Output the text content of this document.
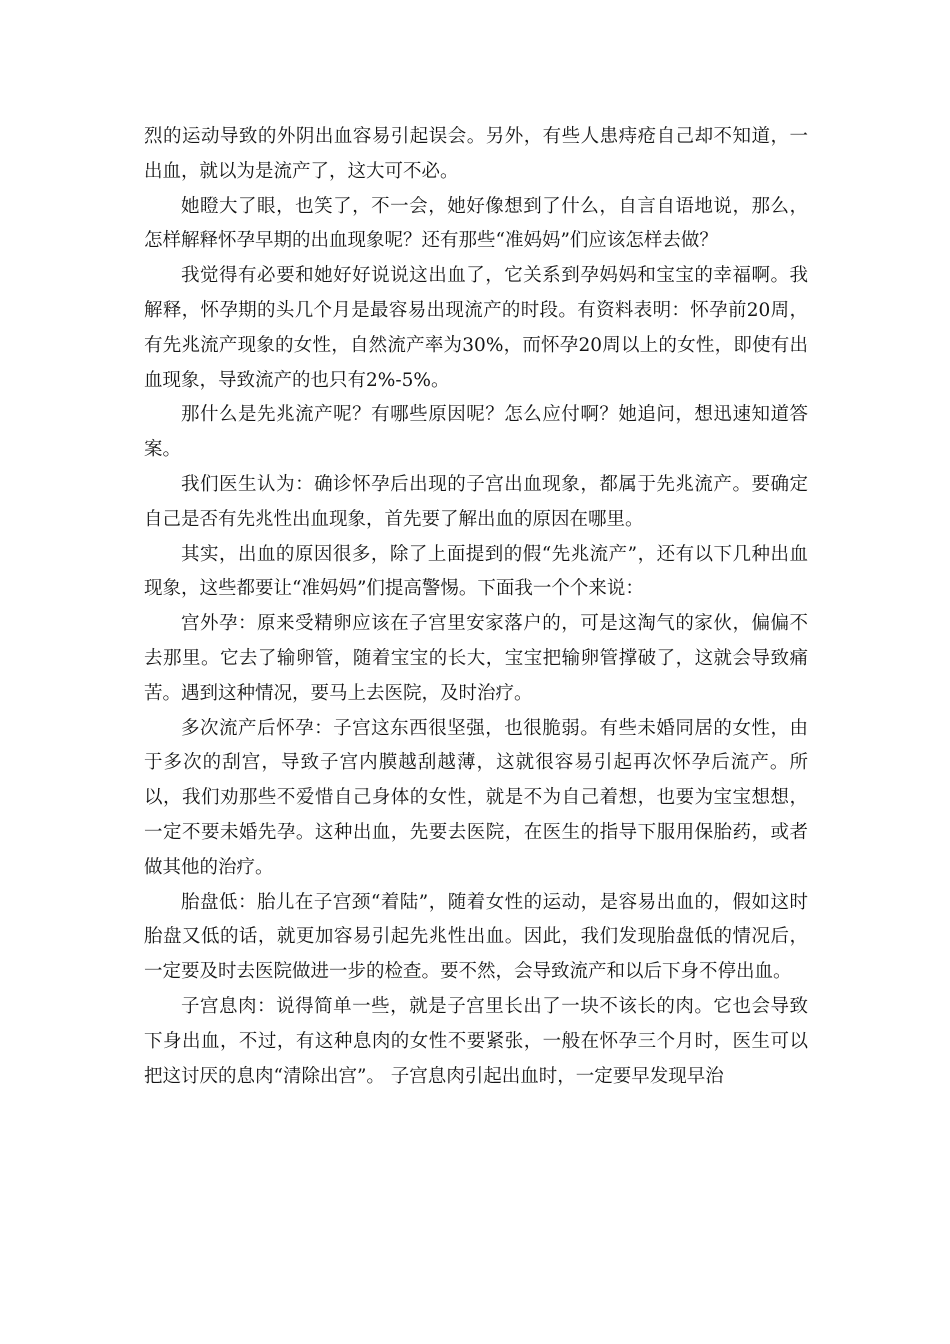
烈的运动导致的外阴出血容易引起误会。另外，有些人患痔疮自己却不知道，一出血，就以为是流产了，这大可不必。

她瞪大了眼，也笑了，不一会，她好像想到了什么，自言自语地说，那么，怎样解释怀孕早期的出血现象呢？还有那些“准妈妈”们应该怎样去做？

我觉得有必要和她好好说说这出血了，它关系到孕妈妈和宝宝的幸福啊。我解释，怀孕期的头几个月是最容易出现流产的时段。有资料表明：怀孕前20周，有先兆流产现象的女性，自然流产率为30%，而怀孕20周以上的女性，即使有出血现象，导致流产的也只有2%-5%。

那什么是先兆流产呢？有哪些原因呢？怎么应付啊？她追问，想迅速知道答案。

我们医生认为：确诊怀孕后出现的子宫出血现象，都属于先兆流产。要确定自己是否有先兆性出血现象，首先要了解出血的原因在哪里。

其实，出血的原因很多，除了上面提到的假“先兆流产”，还有以下几种出血现象，这些都要让“准妈妈”们提高警惕。下面我一个个来说：

宫外孕：原来受精卵应该在子宫里安家落户的，可是这淘气的家伙，偏偏不去那里。它去了输卵管，随着宝宝的长大，宝宝把输卵管撑破了，这就会导致痛苦。遇到这种情况，要马上去医院，及时治疗。

多次流产后怀孕：子宫这东西很坚强，也很脆弱。有些未婚同居的女性，由于多次的刮宫，导致子宫内膜越刮越薄，这就很容易引起再次怀孕后流产。所以，我们劝那些不爱惜自己身体的女性，就是不为自己着想，也要为宝宝想想，一定不要未婚先孕。这种出血，先要去医院，在医生的指导下服用保胎药，或者做其他的治疗。

胎盘低：胎儿在子宫颈“着陆”，随着女性的运动，是容易出血的，假如这时胎盘又低的话，就更加容易引起先兆性出血。因此，我们发现胎盘低的情况后，一定要及时去医院做进一步的检查。要不然，会导致流产和以后下身不停出血。

子宫息肉：说得简单一些，就是子宫里长出了一块不该长的肉。它也会导致下身出血，不过，有这种息肉的女性不要紧张，一般在怀孕三个月时，医生可以把这讨厌的息肉“清除出宫”。 子宫息肉引起出血时，一定要早发现早治
